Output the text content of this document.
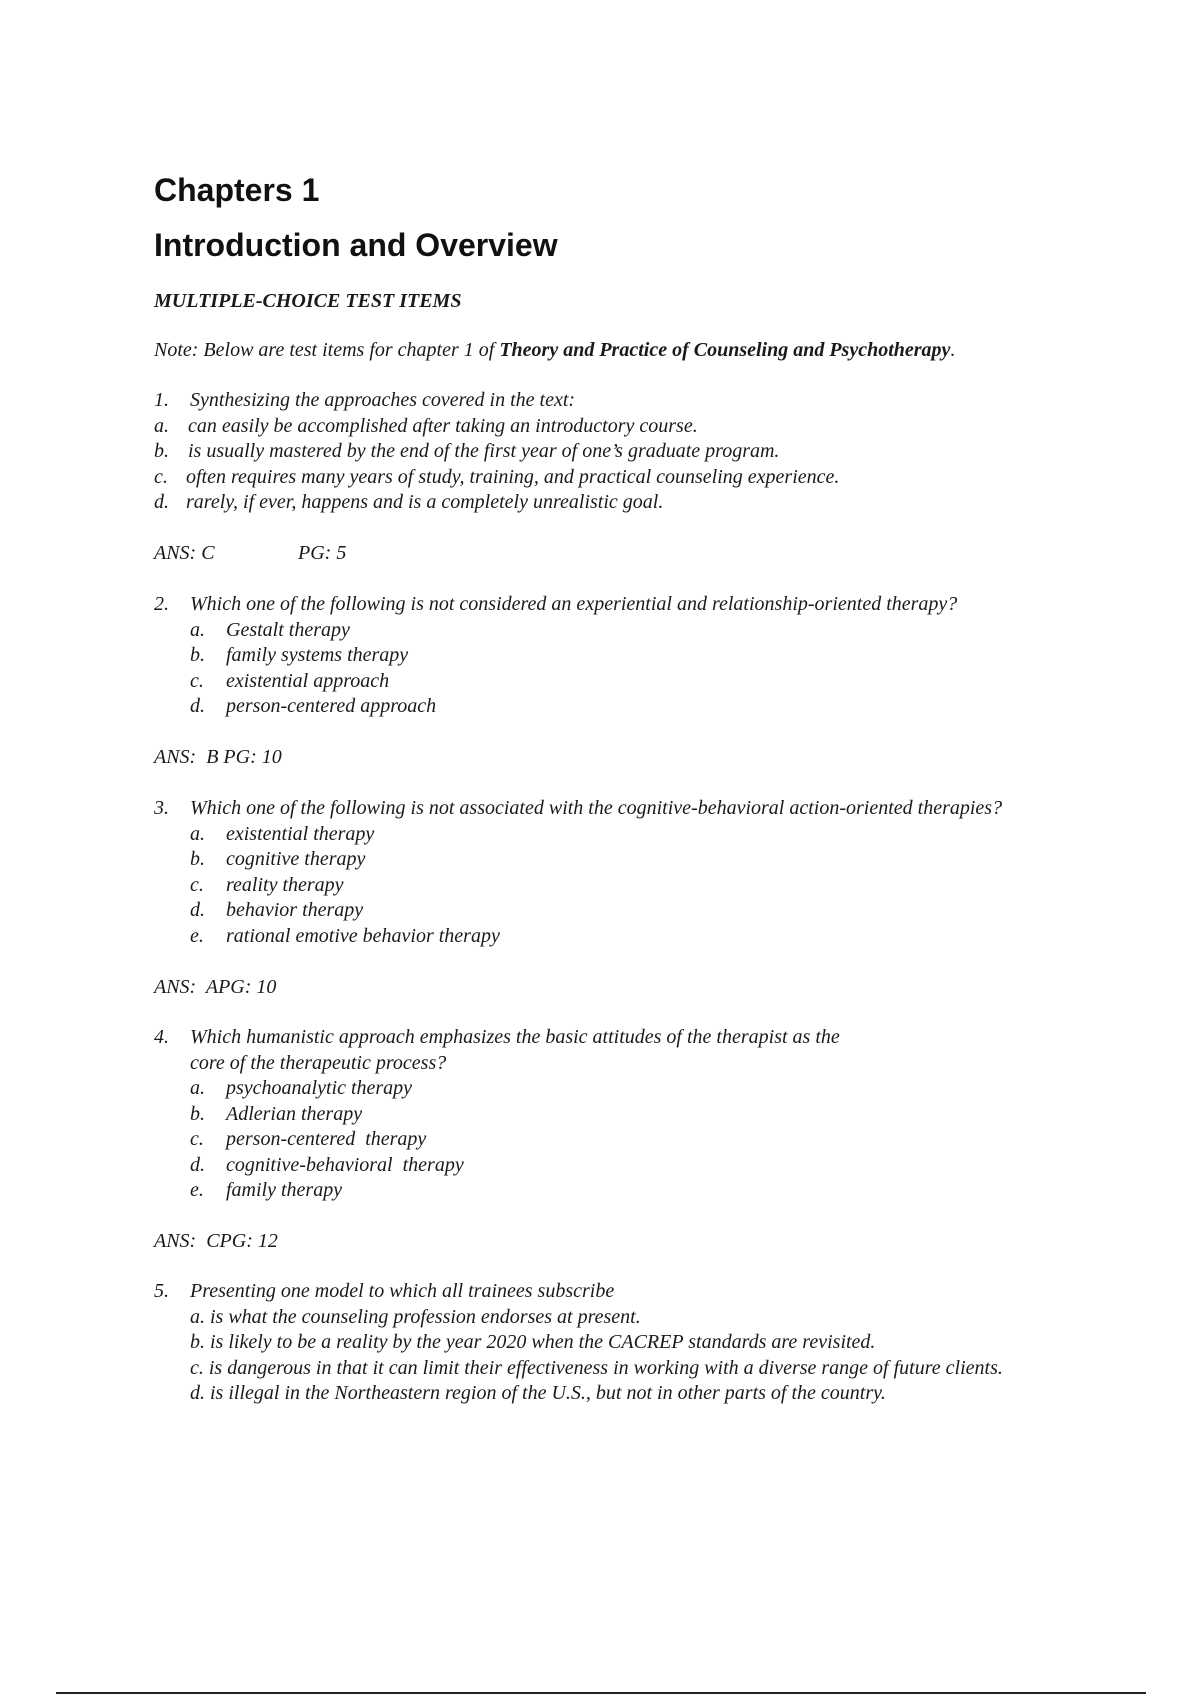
Chapters 1
Introduction and Overview
MULTIPLE-CHOICE TEST ITEMS
Note: Below are test items for chapter 1 of Theory and Practice of Counseling and Psychotherapy.
1. Synthesizing the approaches covered in the text:
a. can easily be accomplished after taking an introductory course.
b. is usually mastered by the end of the first year of one’s graduate program.
c. often requires many years of study, training, and practical counseling experience.
d. rarely, if ever, happens and is a completely unrealistic goal.
ANS: C	PG: 5
2. Which one of the following is not considered an experiential and relationship-oriented therapy?
a. Gestalt therapy
b. family systems therapy
c. existential approach
d. person-centered approach
ANS:  B PG: 10
3. Which one of the following is not associated with the cognitive-behavioral action-oriented therapies?
a. existential therapy
b. cognitive therapy
c. reality therapy
d. behavior therapy
e. rational emotive behavior therapy
ANS:  APG: 10
4. Which humanistic approach emphasizes the basic attitudes of the therapist as the
core of the therapeutic process?
a. psychoanalytic therapy
b. Adlerian therapy
c. person-centered  therapy
d. cognitive-behavioral  therapy
e. family therapy
ANS:  CPG: 12
5. Presenting one model to which all trainees subscribe
a. is what the counseling profession endorses at present.
b. is likely to be a reality by the year 2020 when the CACREP standards are revisited.
c. is dangerous in that it can limit their effectiveness in working with a diverse range of future clients.
d. is illegal in the Northeastern region of the U.S., but not in other parts of the country.
